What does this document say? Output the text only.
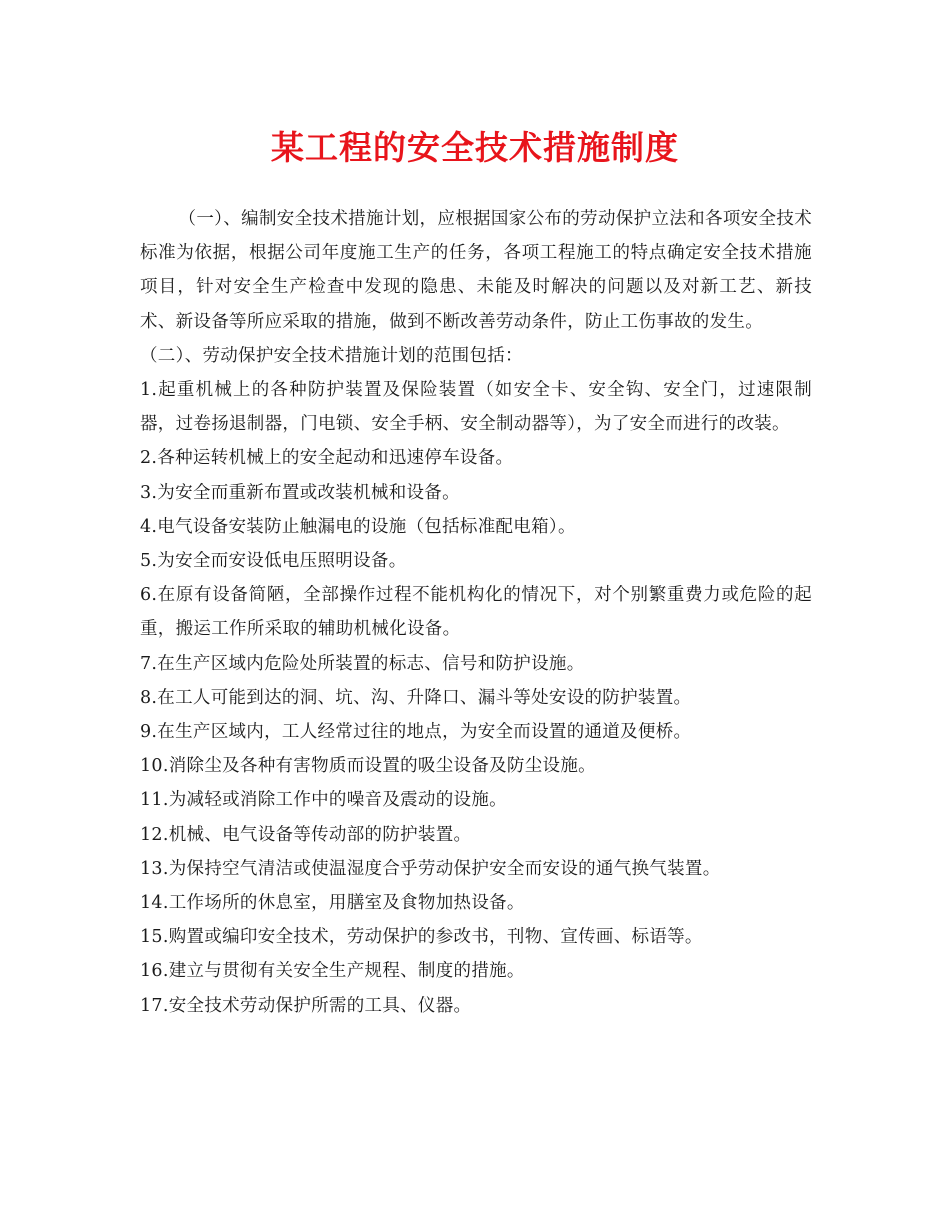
某工程的安全技术措施制度

（一）、编制安全技术措施计划，应根据国家公布的劳动保护立法和各项安全技术标准为依据，根据公司年度施工生产的任务，各项工程施工的特点确定安全技术措施项目，针对安全生产检查中发现的隐患、未能及时解决的问题以及对新工艺、新技术、新设备等所应采取的措施，做到不断改善劳动条件，防止工伤事故的发生。

（二）、劳动保护安全技术措施计划的范围包括：

1.起重机械上的各种防护装置及保险装置（如安全卡、安全钩、安全门，过速限制器，过卷扬退制器，门电锁、安全手柄、安全制动器等），为了安全而进行的改装。
2.各种运转机械上的安全起动和迅速停车设备。
3.为安全而重新布置或改装机械和设备。
4.电气设备安装防止触漏电的设施（包括标准配电箱）。
5.为安全而安设低电压照明设备。
6.在原有设备简陋，全部操作过程不能机构化的情况下，对个别繁重费力或危险的起重，搬运工作所采取的辅助机械化设备。
7.在生产区域内危险处所装置的标志、信号和防护设施。
8.在工人可能到达的洞、坑、沟、升降口、漏斗等处安设的防护装置。
9.在生产区域内，工人经常过往的地点，为安全而设置的通道及便桥。
10.消除尘及各种有害物质而设置的吸尘设备及防尘设施。
11.为减轻或消除工作中的噪音及震动的设施。
12.机械、电气设备等传动部的防护装置。
13.为保持空气清洁或使温湿度合乎劳动保护安全而安设的通气换气装置。
14.工作场所的休息室，用膳室及食物加热设备。
15.购置或编印安全技术，劳动保护的参改书，刊物、宣传画、标语等。
16.建立与贯彻有关安全生产规程、制度的措施。
17.安全技术劳动保护所需的工具、仪器。
